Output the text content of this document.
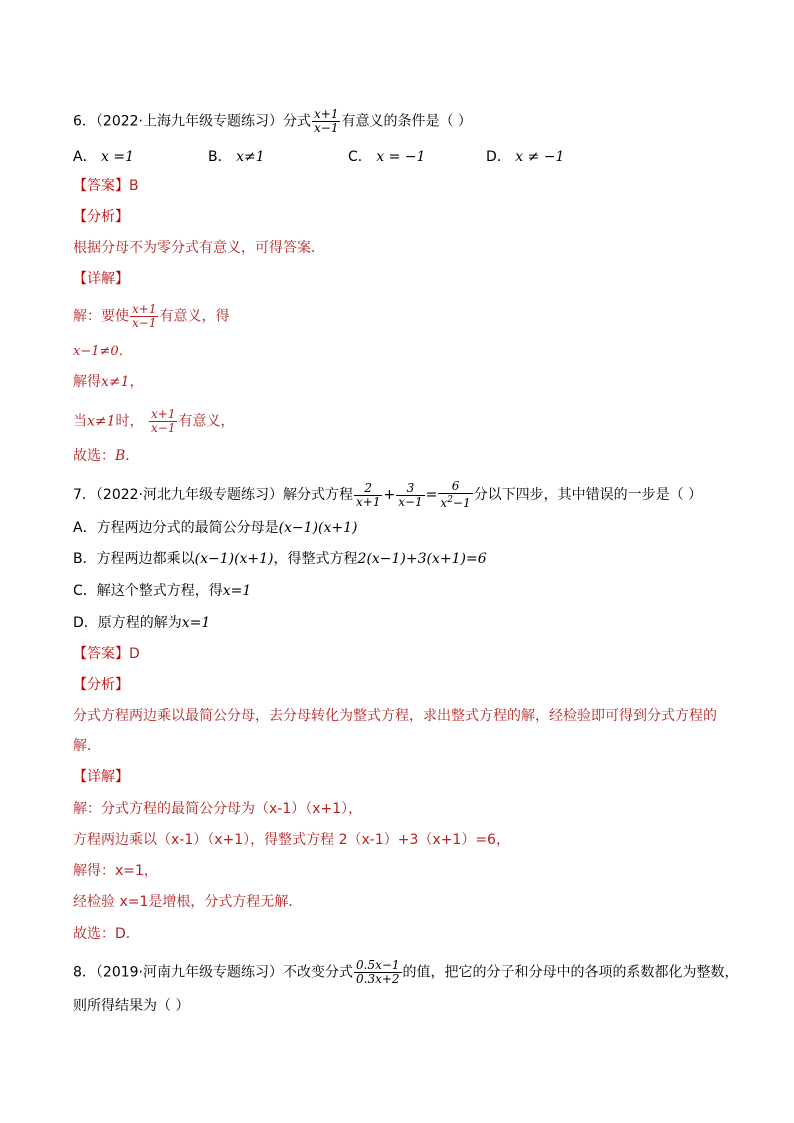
6．（2022·上海九年级专题练习）分式 $\frac{x+1}{x-1}$ 有意义的条件是（ ）
A． x =1	B． x≠1	C． x = −1	D． x ≠ −1
【答案】B
【分析】
根据分母不为零分式有意义，可得答案．
【详解】
解：要使 $\frac{x+1}{x-1}$ 有意义，得
x−1≠0．
解得x≠1，
当x≠1时， $\frac{x+1}{x-1}$ 有意义，
故选：B．
7．（2022·河北九年级专题练习）解分式方程 $\frac{2}{x+1} + \frac{3}{x-1} = \frac{6}{x^2-1}$ 分以下四步，其中错误的一步是（ ）
A．方程两边分式的最简公分母是(x−1)(x+1)
B．方程两边都乘以(x−1)(x+1)，得整式方程2(x−1)+3(x+1)=6
C．解这个整式方程，得x=1
D．原方程的解为x=1
【答案】D
【分析】
分式方程两边乘以最简公分母，去分母转化为整式方程，求出整式方程的解，经检验即可得到分式方程的
解．
【详解】
解：分式方程的最简公分母为（x-1）（x+1），
方程两边乘以（x-1）（x+1），得整式方程 2（x-1）+3（x+1）=6，
解得：x=1，
经检验 x=1是增根，分式方程无解．
故选：D．
8．（2019·河南九年级专题练习）不改变分式 $\frac{0.5x-1}{0.3x+2}$ 的值，把它的分子和分母中的各项的系数都化为整数，
则所得结果为（ ）
